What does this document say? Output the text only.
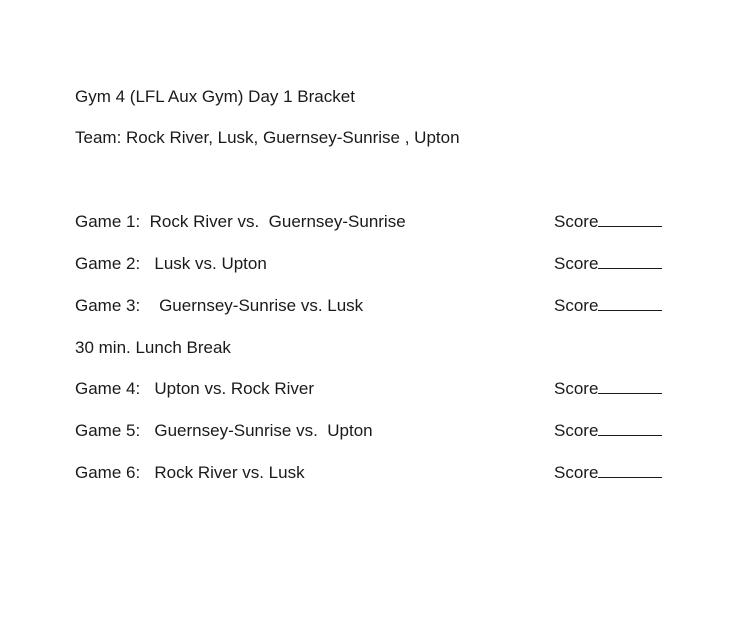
Gym 4 (LFL Aux Gym) Day 1 Bracket
Team: Rock River, Lusk, Guernsey-Sunrise , Upton
Game 1:  Rock River vs.  Guernsey-Sunrise	Score
Game 2:   Lusk vs. Upton	Score
Game 3:    Guernsey-Sunrise vs. Lusk	Score
30 min. Lunch Break
Game 4:   Upton vs. Rock River	Score
Game 5:   Guernsey-Sunrise vs.  Upton	Score
Game 6:   Rock River vs. Lusk	Score
